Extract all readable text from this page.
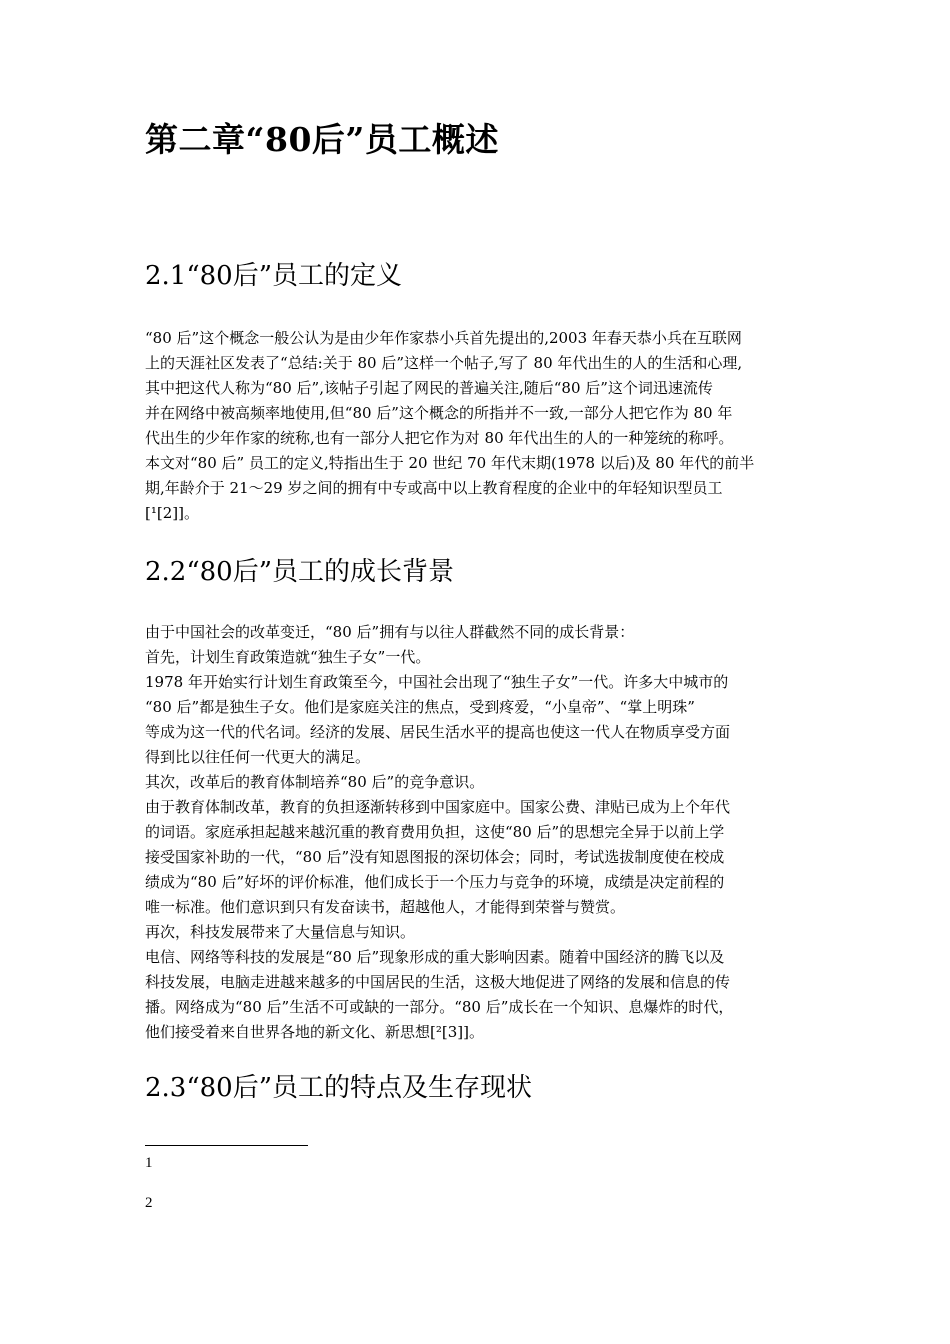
第二章“80后”员工概述
2.1“80后”员工的定义
“80 后”这个概念一般公认为是由少年作家恭小兵首先提出的,2003 年春天恭小兵在互联网
上的天涯社区发表了“总结:关于 80 后”这样一个帖子,写了 80 年代出生的人的生活和心理,
其中把这代人称为“80 后”,该帖子引起了网民的普遍关注,随后“80 后”这个词迅速流传
并在网络中被高频率地使用,但“80 后”这个概念的所指并不一致,一部分人把它作为 80 年
代出生的少年作家的统称,也有一部分人把它作为对 80 年代出生的人的一种笼统的称呼。
本文对“80 后” 员工的定义,特指出生于 20 世纪 70 年代末期(1978 以后)及 80 年代的前半
期,年龄介于 21～29 岁之间的拥有中专或高中以上教育程度的企业中的年轻知识型员工
[¹[2]]。
2.2“80后”员工的成长背景
由于中国社会的改革变迁，“80 后”拥有与以往人群截然不同的成长背景：
首先，计划生育政策造就“独生子女”一代。
1978 年开始实行计划生育政策至今，中国社会出现了“独生子女”一代。许多大中城市的
“80 后”都是独生子女。他们是家庭关注的焦点，受到疼爱，“小皇帝”、“掌上明珠”
等成为这一代的代名词。经济的发展、居民生活水平的提高也使这一代人在物质享受方面
得到比以往任何一代更大的满足。
其次，改革后的教育体制培养“80 后”的竞争意识。
由于教育体制改革，教育的负担逐渐转移到中国家庭中。国家公费、津贴已成为上个年代
的词语。家庭承担起越来越沉重的教育费用负担，这使“80 后”的思想完全异于以前上学
接受国家补助的一代，“80 后”没有知恩图报的深切体会；同时，考试选拔制度使在校成
绩成为“80 后”好坏的评价标准，他们成长于一个压力与竞争的环境，成绩是决定前程的
唯一标准。他们意识到只有发奋读书，超越他人，才能得到荣誉与赞赏。
再次，科技发展带来了大量信息与知识。
电信、网络等科技的发展是“80 后”现象形成的重大影响因素。随着中国经济的腾飞以及
科技发展，电脑走进越来越多的中国居民的生活，这极大地促进了网络的发展和信息的传
播。网络成为“80 后”生活不可或缺的一部分。“80 后”成长在一个知识、息爆炸的时代，
他们接受着来自世界各地的新文化、新思想[²[3]]。
2.3“80后”员工的特点及生存现状
1
2
